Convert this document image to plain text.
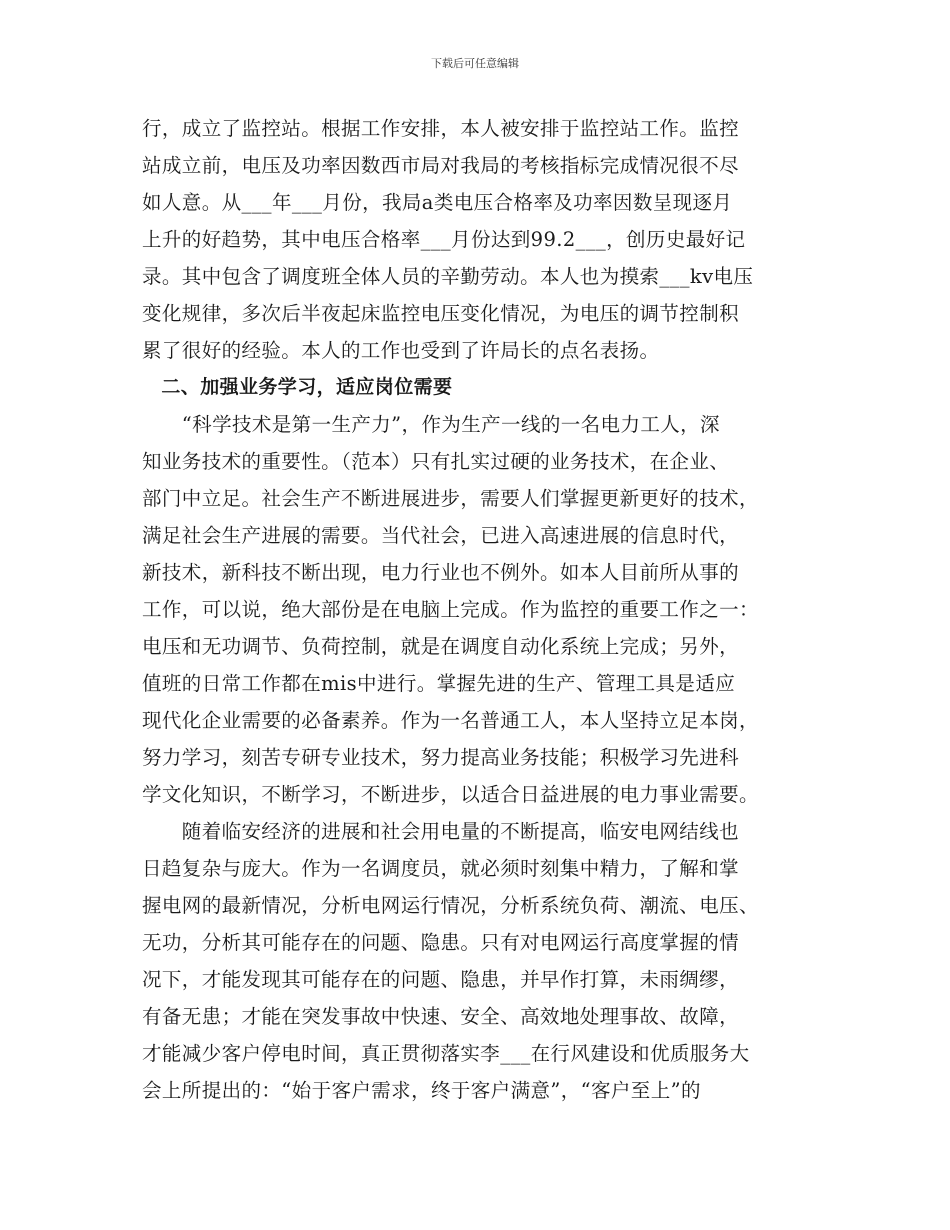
下载后可任意编辑
行，成立了监控站。根据工作安排，本人被安排于监控站工作。监控
站成立前，电压及功率因数西市局对我局的考核指标完成情况很不尽
如人意。从___年___月份，我局a类电压合格率及功率因数呈现逐月
上升的好趋势，其中电压合格率___月份达到99.2___，创历史最好记
录。其中包含了调度班全体人员的辛勤劳动。本人也为摸索___kv电压
变化规律，多次后半夜起床监控电压变化情况，为电压的调节控制积
累了很好的经验。本人的工作也受到了许局长的点名表扬。
　二、加强业务学习，适应岗位需要
　　“科学技术是第一生产力”，作为生产一线的一名电力工人，深
知业务技术的重要性。（范本）只有扎实过硬的业务技术，在企业、
部门中立足。社会生产不断进展进步，需要人们掌握更新更好的技术，
满足社会生产进展的需要。当代社会，已进入高速进展的信息时代，
新技术，新科技不断出现，电力行业也不例外。如本人目前所从事的
工作，可以说，绝大部份是在电脑上完成。作为监控的重要工作之一：
电压和无功调节、负荷控制，就是在调度自动化系统上完成；另外，
值班的日常工作都在mis中进行。掌握先进的生产、管理工具是适应
现代化企业需要的必备素养。作为一名普通工人，本人坚持立足本岗，
努力学习，刻苦专研专业技术，努力提高业务技能；积极学习先进科
学文化知识，不断学习，不断进步，以适合日益进展的电力事业需要。
　　随着临安经济的进展和社会用电量的不断提高，临安电网结线也
日趋复杂与庞大。作为一名调度员，就必须时刻集中精力，了解和掌
握电网的最新情况，分析电网运行情况，分析系统负荷、潮流、电压、
无功，分析其可能存在的问题、隐患。只有对电网运行高度掌握的情
况下，才能发现其可能存在的问题、隐患，并早作打算，未雨绸缪，
有备无患；才能在突发事故中快速、安全、高效地处理事故、故障，
才能减少客户停电时间，真正贯彻落实李___在行风建设和优质服务大
会上所提出的：“始于客户需求，终于客户满意”，“客户至上”的
